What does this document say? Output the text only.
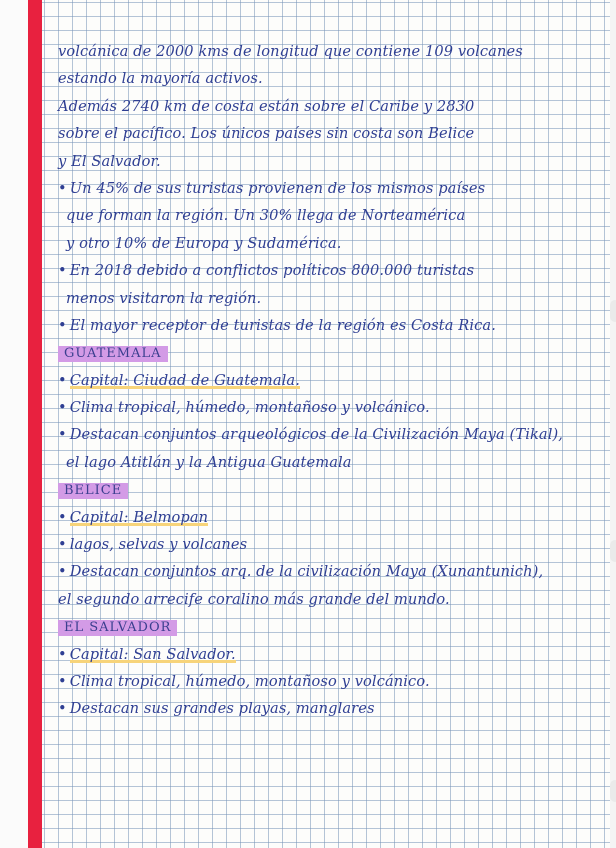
volcánica de 2000 kms de longitud que contiene 109 volcanes
estando la mayoría activos.
Además 2740 km de costa están sobre el Caribe y 2830
sobre el pacífico. Los únicos países sin costa son Belice
y El Salvador.
• Un 45% de sus turistas provienen de los mismos países
que forman la región. Un 30% llega de Norteamérica
y otro 10% de Europa y Sudamérica.
• En 2018 debido a conflictos políticos 800.000 turistas
menos visitaron la región.
• El mayor receptor de turistas de la región es Costa Rica.
GUATEMALA
• Capital: Ciudad de Guatemala.
• Clima tropical, húmedo, montañoso y volcánico.
• Destacan conjuntos arqueológicos de la Civilización Maya (Tikal),
el lago Atitlán y la Antigua Guatemala
BELICE
• Capital: Belmopan
• lagos, selvas y volcanes
• Destacan conjuntos arq. de la civilización Maya (Xunantunich),
el segundo arrecife coralino más grande del mundo.
EL SALVADOR
• Capital: San Salvador.
• Clima tropical, húmedo, montañoso y volcánico.
• Destacan sus grandes playas, manglares
